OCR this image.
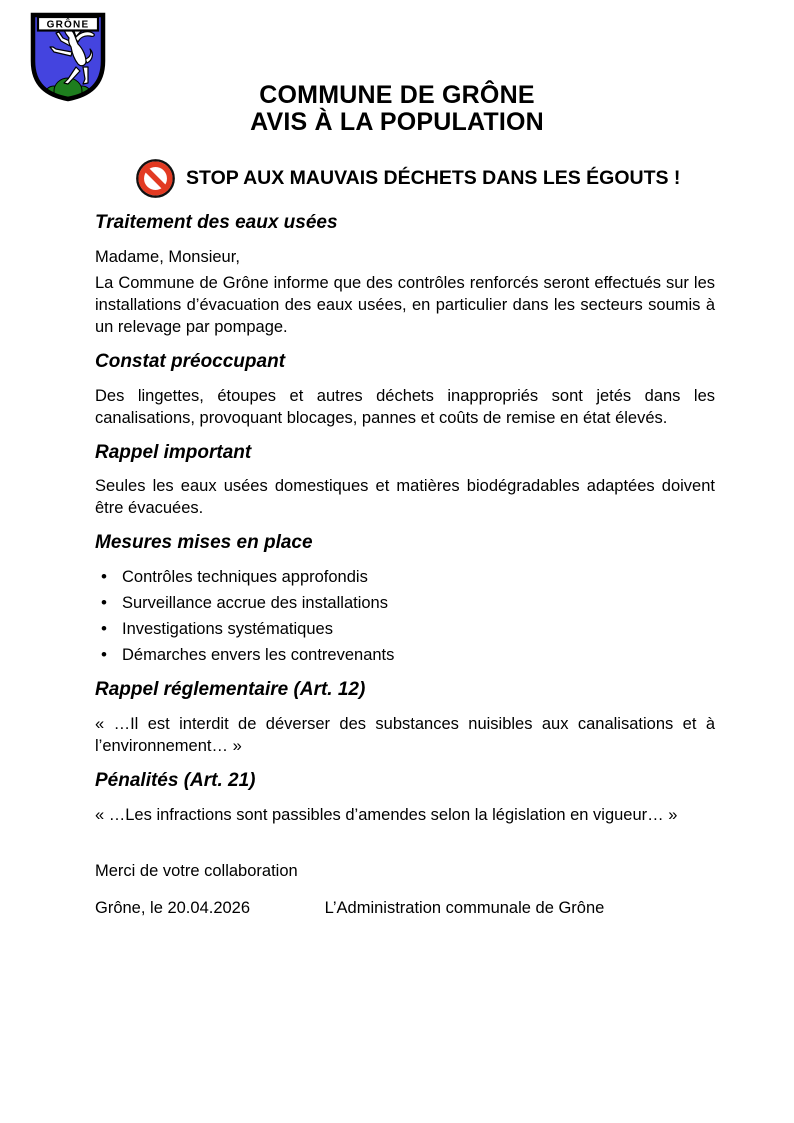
GRÔNE
COMMUNE DE GRÔNE
AVIS À LA POPULATION
STOP AUX MAUVAIS DÉCHETS DANS LES ÉGOUTS !
Traitement des eaux usées

Madame, Monsieur,

La Commune de Grône informe que des contrôles renforcés seront effectués sur les installations d’évacuation des eaux usées, en particulier dans les secteurs soumis à un relevage par pompage.

Constat préoccupant

Des lingettes, étoupes et autres déchets inappropriés sont jetés dans les canalisations, provoquant blocages, pannes et coûts de remise en état élevés.

Rappel important

Seules les eaux usées domestiques et matières biodégradables adaptées doivent être évacuées.

Mesures mises en place
• Contrôles techniques approfondis
• Surveillance accrue des installations
• Investigations systématiques
• Démarches envers les contrevenants
Rappel réglementaire (Art. 12)

« …Il est interdit de déverser des substances nuisibles aux canalisations et à l’environnement… »

Pénalités (Art. 21)

« …Les infractions sont passibles d’amendes selon la législation en vigueur… »

Merci de votre collaboration

Grône, le 20.04.2026	L’Administration communale de Grône
